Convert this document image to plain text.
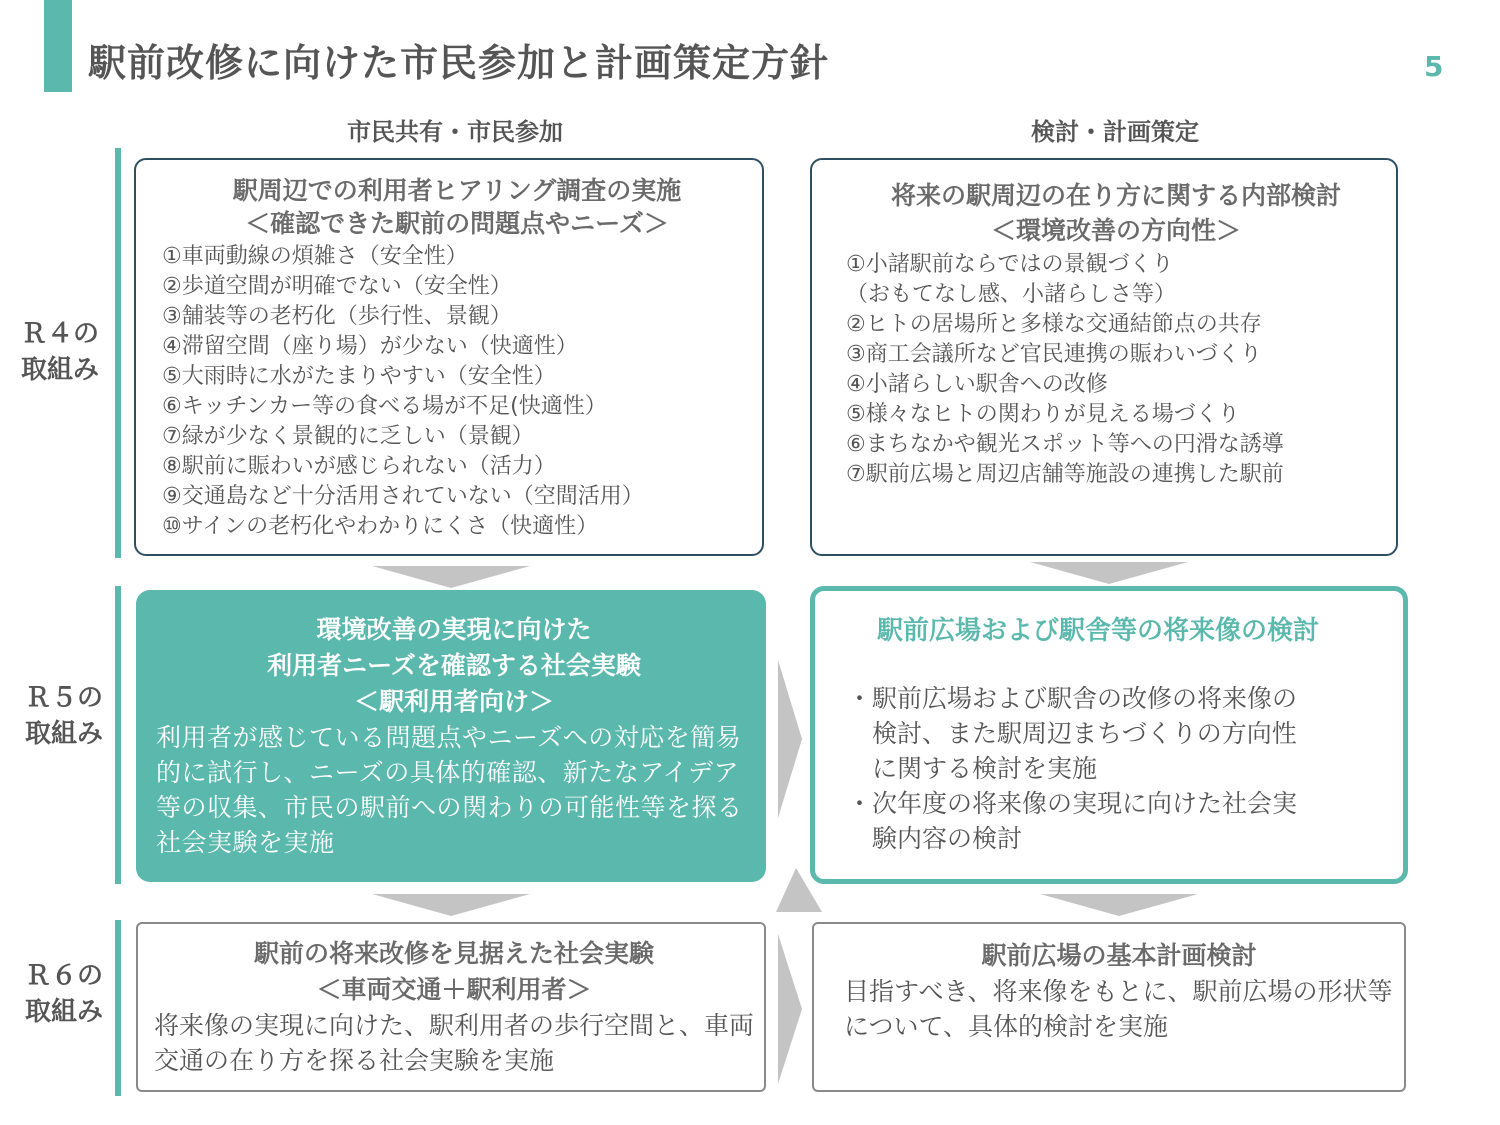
駅前改修に向けた市民参加と計画策定方針	5
市民共有・市民参加	検討・計画策定
Ｒ４の
取組み
Ｒ５の
取組み
Ｒ６の
取組み
駅周辺での利用者ヒアリング調査の実施
＜確認できた駅前の問題点やニーズ＞
①車両動線の煩雑さ（安全性）
②歩道空間が明確でない（安全性）
③舗装等の老朽化（歩行性、景観）
④滞留空間（座り場）が少ない（快適性）
⑤大雨時に水がたまりやすい（安全性）
⑥キッチンカー等の食べる場が不足(快適性）
⑦緑が少なく景観的に乏しい（景観）
⑧駅前に賑わいが感じられない（活力）
⑨交通島など十分活用されていない（空間活用）
⑩サインの老朽化やわかりにくさ（快適性）
将来の駅周辺の在り方に関する内部検討
＜環境改善の方向性＞
①小諸駅前ならではの景観づくり
（おもてなし感、小諸らしさ等）
②ヒトの居場所と多様な交通結節点の共存
③商工会議所など官民連携の賑わいづくり
④小諸らしい駅舎への改修
⑤様々なヒトの関わりが見える場づくり
⑥まちなかや観光スポット等への円滑な誘導
⑦駅前広場と周辺店舗等施設の連携した駅前
環境改善の実現に向けた
利用者ニーズを確認する社会実験
＜駅利用者向け＞
利用者が感じている問題点やニーズへの対応を簡易的に試行し、ニーズの具体的確認、新たなアイデア等の収集、市民の駅前への関わりの可能性等を探る社会実験を実施
駅前広場および駅舎等の将来像の検討
・駅前広場および駅舎の改修の将来像の
検討、また駅周辺まちづくりの方向性
に関する検討を実施
・次年度の将来像の実現に向けた社会実
験内容の検討
駅前の将来改修を見据えた社会実験
＜車両交通＋駅利用者＞
将来像の実現に向けた、駅利用者の歩行空間と、車両交通の在り方を探る社会実験を実施
駅前広場の基本計画検討
目指すべき、将来像をもとに、駅前広場の形状等について、具体的検討を実施
